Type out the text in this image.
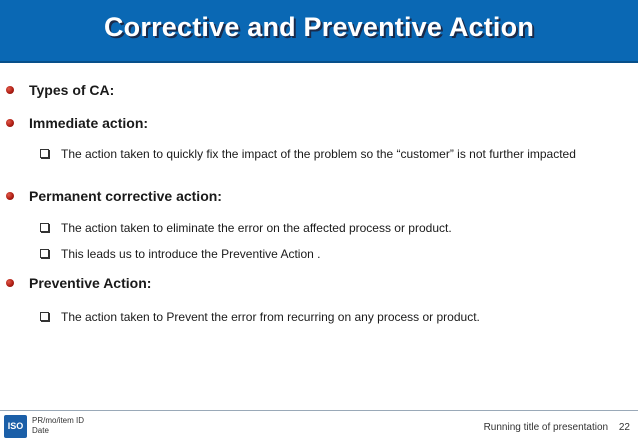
Corrective and Preventive Action
Types of CA:
Immediate action:
The action taken to quickly fix the impact of the problem so the “customer” is not further impacted
Permanent corrective action:
The action taken to eliminate the error on the affected process or product.
This leads us to introduce the Preventive Action .
Preventive Action:
The action taken to Prevent the error from recurring on any process or product.
ISO
PR/mo/item ID
Date	Running title of presentation 22
